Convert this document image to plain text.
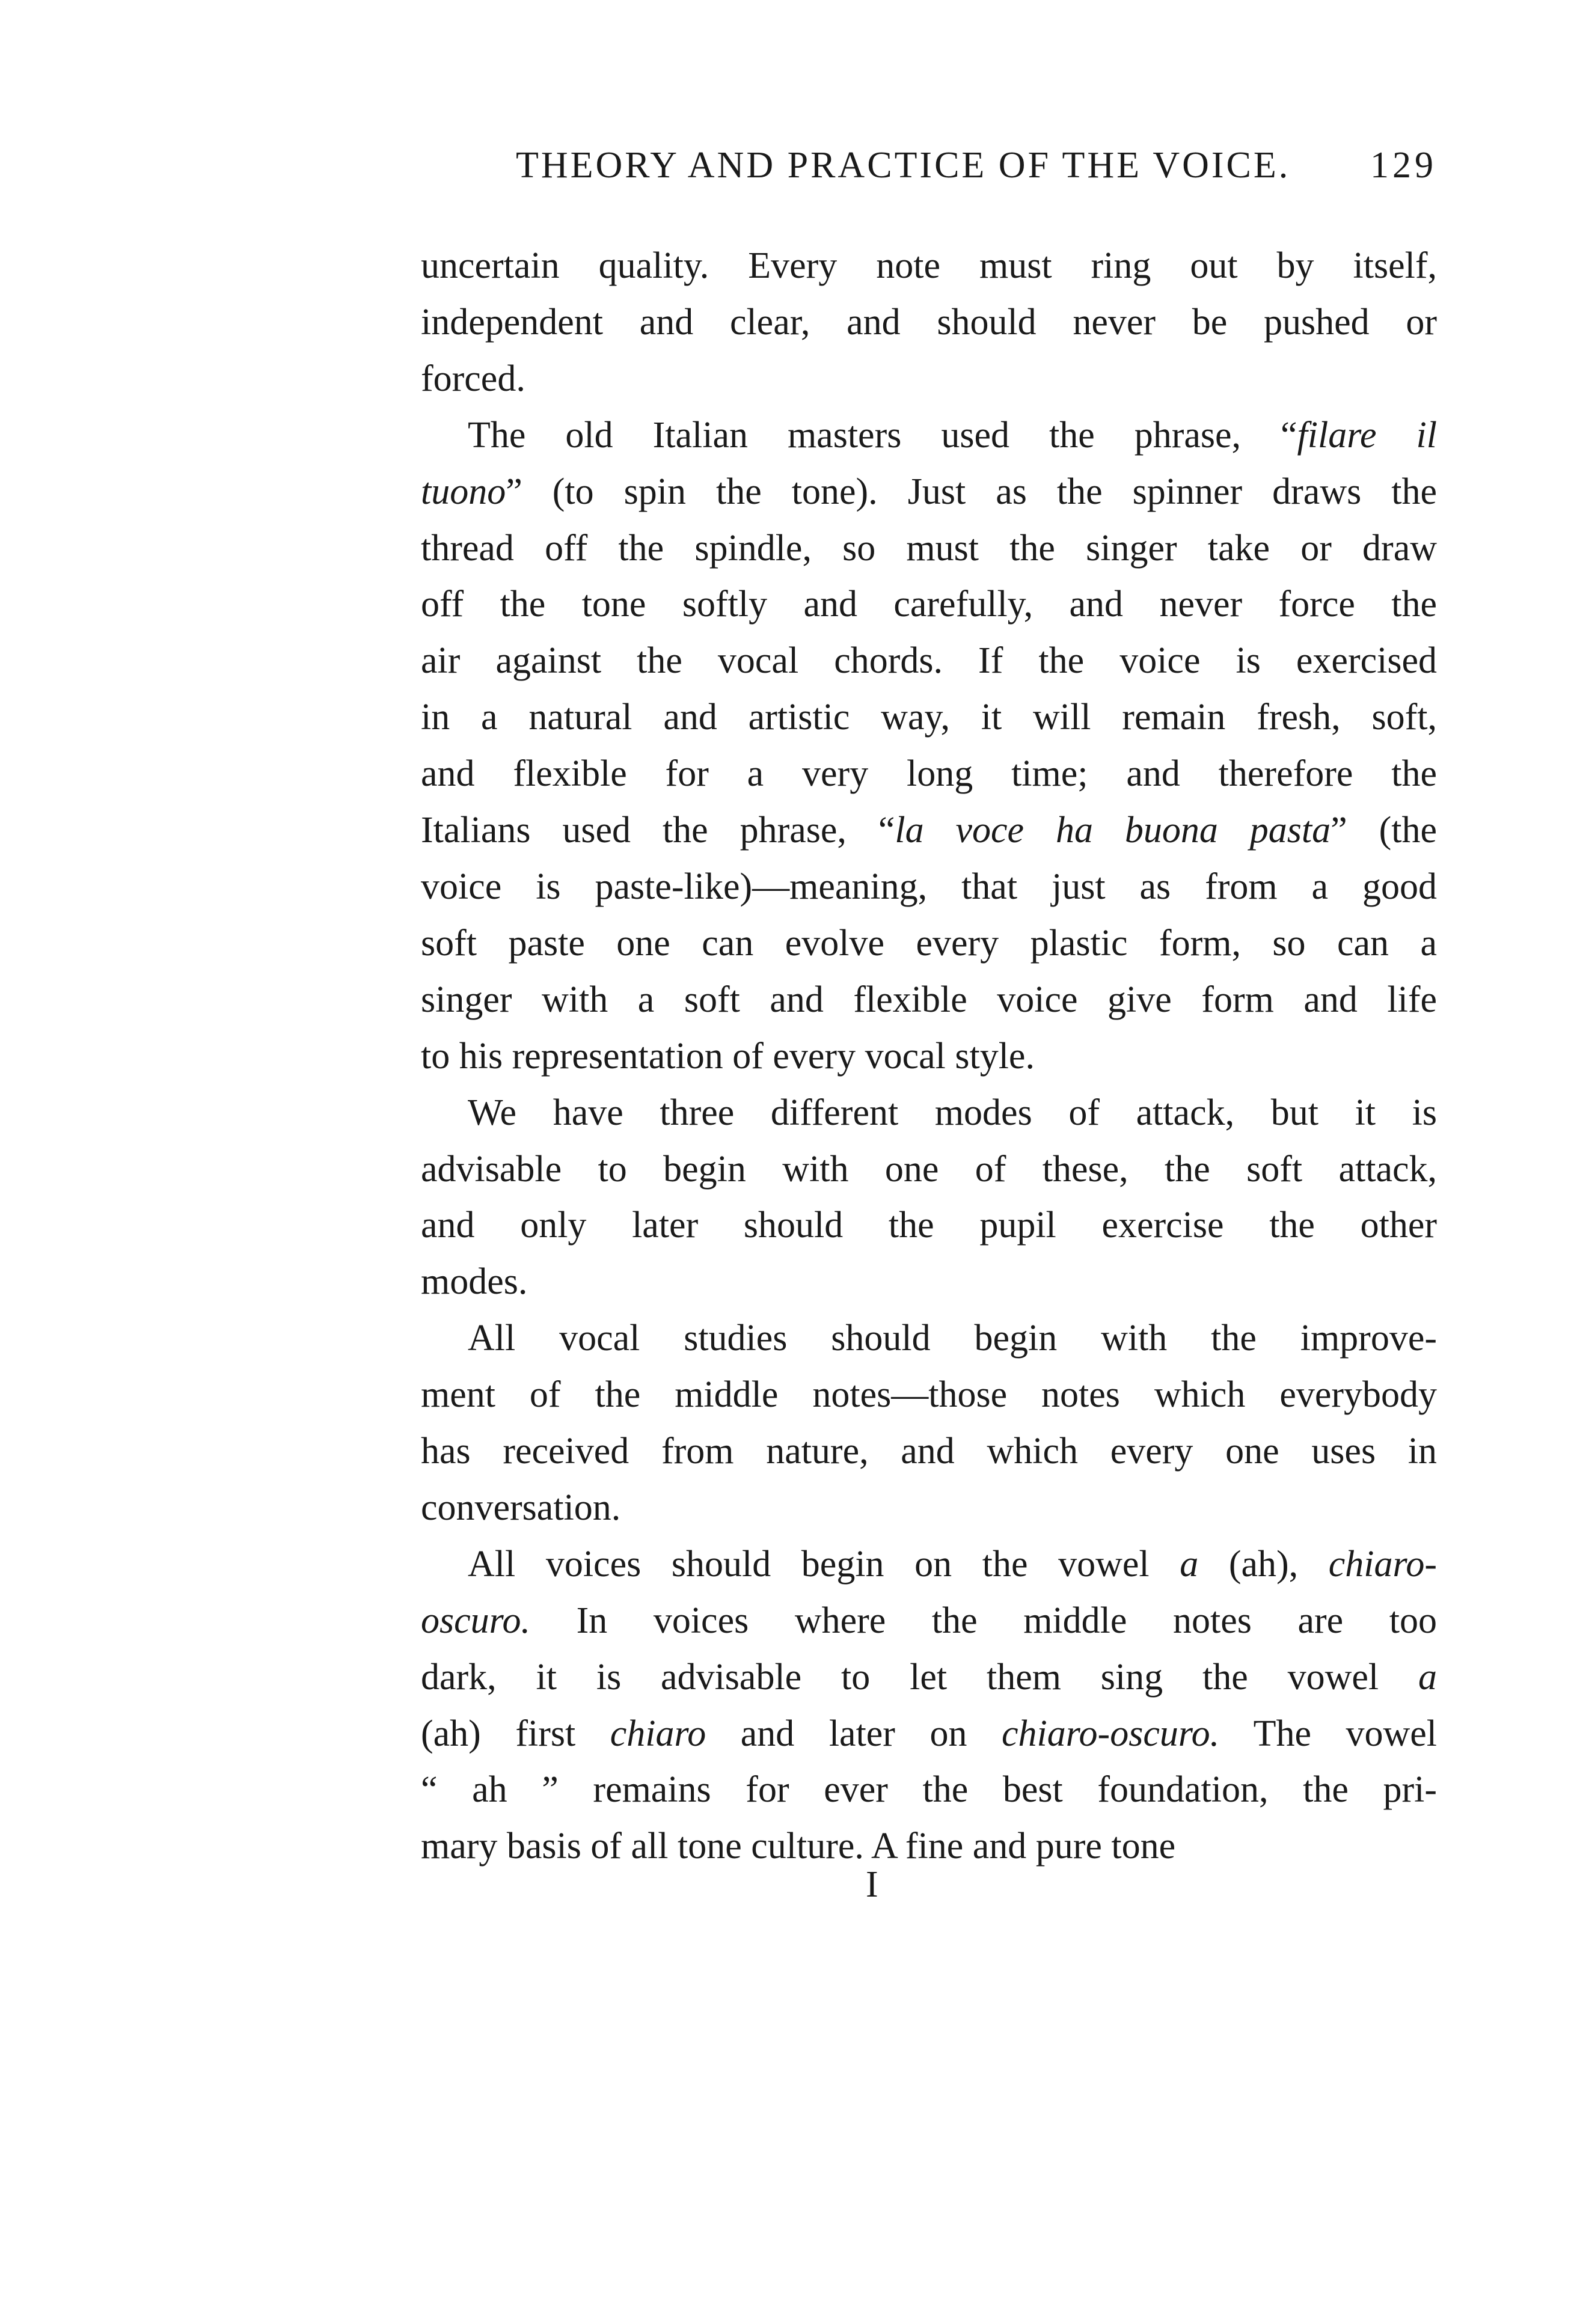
THEORY AND PRACTICE OF THE VOICE. 129
uncertain quality. Every note must ring out by itself,
independent and clear, and should never be pushed or
forced.
The old Italian masters used the phrase, “filare il
tuono” (to spin the tone). Just as the spinner draws the
thread off the spindle, so must the singer take or draw
off the tone softly and carefully, and never force the
air against the vocal chords. If the voice is exercised
in a natural and artistic way, it will remain fresh, soft,
and flexible for a very long time; and therefore the
Italians used the phrase, “la voce ha buona pasta” (the
voice is paste-like)—meaning, that just as from a good
soft paste one can evolve every plastic form, so can a
singer with a soft and flexible voice give form and life
to his representation of every vocal style.
We have three different modes of attack, but it is
advisable to begin with one of these, the soft attack,
and only later should the pupil exercise the other
modes.
All vocal studies should begin with the improve-
ment of the middle notes—those notes which everybody
has received from nature, and which every one uses in
conversation.
All voices should begin on the vowel a (ah), chiaro-
oscuro. In voices where the middle notes are too
dark, it is advisable to let them sing the vowel a
(ah) first chiaro and later on chiaro-oscuro. The vowel
“ ah ” remains for ever the best foundation, the pri-
mary basis of all tone culture. A fine and pure tone
I
